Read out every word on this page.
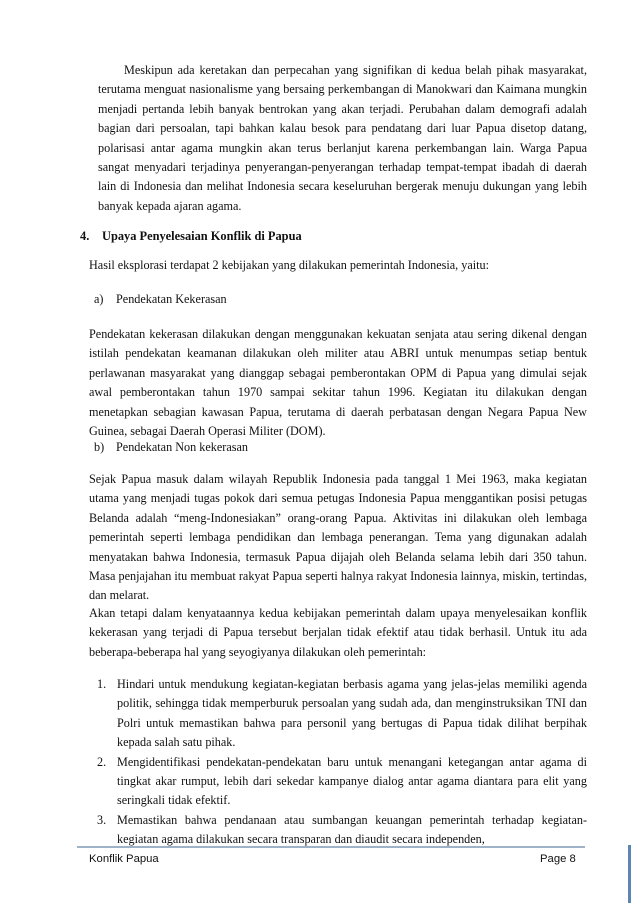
Meskipun ada keretakan dan perpecahan yang signifikan di kedua belah pihak masyarakat, terutama menguat nasionalisme yang bersaing perkembangan di Manokwari dan Kaimana mungkin menjadi pertanda lebih banyak bentrokan yang akan terjadi. Perubahan dalam demografi adalah bagian dari persoalan, tapi bahkan kalau besok para pendatang dari luar Papua disetop datang, polarisasi antar agama mungkin akan terus berlanjut karena perkembangan lain. Warga Papua sangat menyadari terjadinya penyerangan-penyerangan terhadap tempat-tempat ibadah di daerah lain di Indonesia dan melihat Indonesia secara keseluruhan bergerak menuju dukungan yang lebih banyak kepada ajaran agama.

4. Upaya Penyelesaian Konflik di Papua

Hasil eksplorasi terdapat 2 kebijakan yang dilakukan pemerintah Indonesia, yaitu:

a) Pendekatan Kekerasan

Pendekatan kekerasan dilakukan dengan menggunakan kekuatan senjata atau sering dikenal dengan istilah pendekatan keamanan dilakukan oleh militer atau ABRI untuk menumpas setiap bentuk perlawanan masyarakat yang dianggap sebagai pemberontakan OPM di Papua yang dimulai sejak awal pemberontakan tahun 1970 sampai sekitar tahun 1996. Kegiatan itu dilakukan dengan menetapkan sebagian kawasan Papua, terutama di daerah perbatasan dengan Negara Papua New Guinea, sebagai Daerah Operasi Militer (DOM).

b) Pendekatan Non kekerasan

Sejak Papua masuk dalam wilayah Republik Indonesia pada tanggal 1 Mei 1963, maka kegiatan utama yang menjadi tugas pokok dari semua petugas Indonesia Papua menggantikan posisi petugas Belanda adalah “meng-Indonesiakan” orang-orang Papua. Aktivitas ini dilakukan oleh lembaga pemerintah seperti lembaga pendidikan dan lembaga penerangan. Tema yang digunakan adalah menyatakan bahwa Indonesia, termasuk Papua dijajah oleh Belanda selama lebih dari 350 tahun. Masa penjajahan itu membuat rakyat Papua seperti halnya rakyat Indonesia lainnya, miskin, tertindas, dan melarat.

Akan tetapi dalam kenyataannya kedua kebijakan pemerintah dalam upaya menyelesaikan konflik kekerasan yang terjadi di Papua tersebut berjalan tidak efektif atau tidak berhasil. Untuk itu ada beberapa-beberapa hal yang seyogiyanya dilakukan oleh pemerintah:

1. Hindari untuk mendukung kegiatan-kegiatan berbasis agama yang jelas-jelas memiliki agenda politik, sehingga tidak memperburuk persoalan yang sudah ada, dan menginstruksikan TNI dan Polri untuk memastikan bahwa para personil yang bertugas di Papua tidak dilihat berpihak kepada salah satu pihak.
2. Mengidentifikasi pendekatan-pendekatan baru untuk menangani ketegangan antar agama di tingkat akar rumput, lebih dari sekedar kampanye dialog antar agama diantara para elit yang seringkali tidak efektif.
3. Memastikan bahwa pendanaan atau sumbangan keuangan pemerintah terhadap kegiatan-kegiatan agama dilakukan secara transparan dan diaudit secara independen,

Konflik Papua	Page 8
